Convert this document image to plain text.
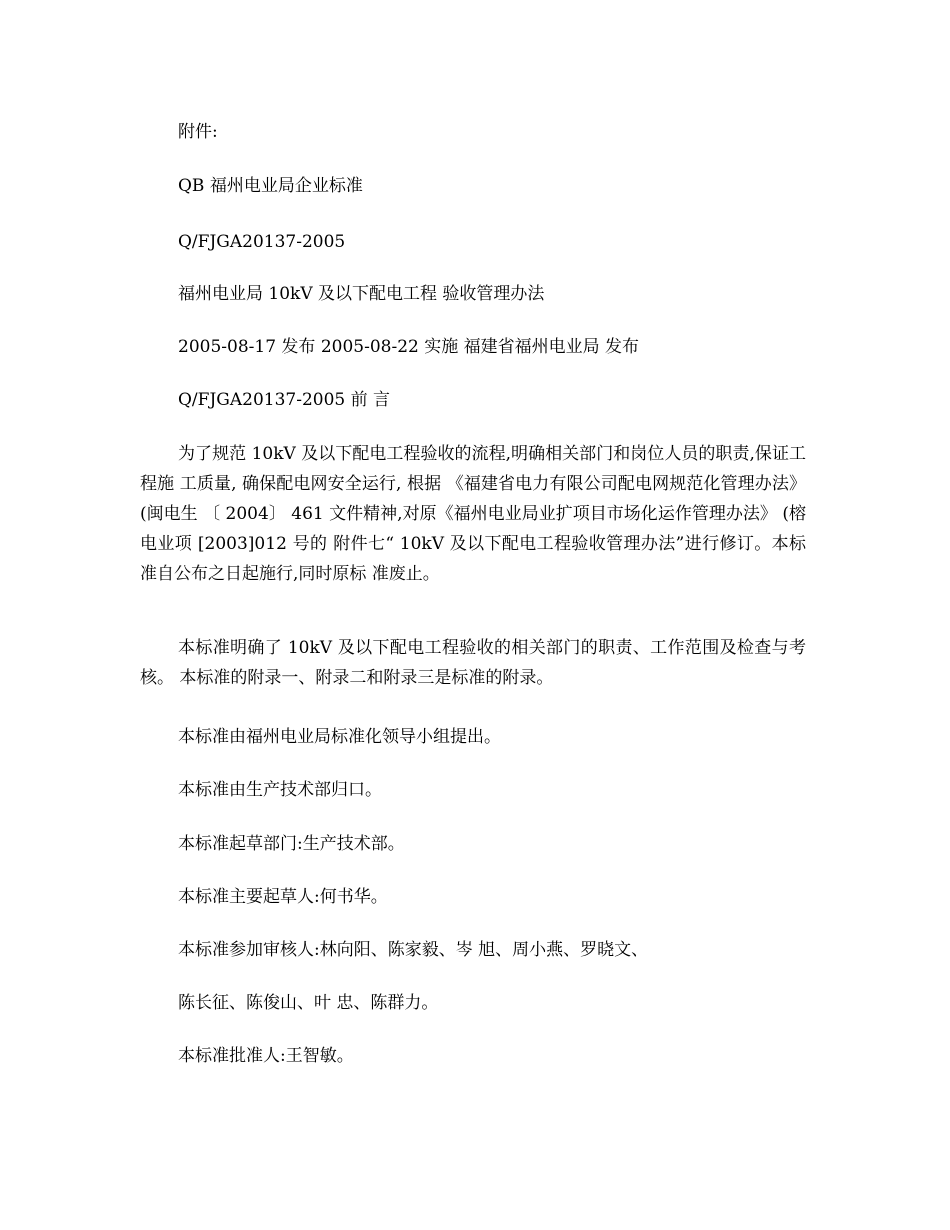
附件:
QB 福州电业局企业标准
Q/FJGA20137-2005
福州电业局 10kV 及以下配电工程 验收管理办法
2005-08-17 发布 2005-08-22 实施 福建省福州电业局 发布
Q/FJGA20137-2005 前 言

为了规范 10kV 及以下配电工程验收的流程,明确相关部门和岗位人员的职责,保证工程施 工质量, 确保配电网安全运行, 根据 《福建省电力有限公司配电网规范化管理办法》 (闽电生 〔 2004〕 461 文件精神,对原《福州电业局业扩项目市场化运作管理办法》 (榕电业项 [2003]012 号的 附件七“ 10kV 及以下配电工程验收管理办法”进行修订。本标准自公布之日起施行,同时原标 准废止。

本标准明确了 10kV 及以下配电工程验收的相关部门的职责、工作范围及检查与考核。 本标准的附录一、附录二和附录三是标准的附录。

本标准由福州电业局标准化领导小组提出。
本标准由生产技术部归口。
本标准起草部门:生产技术部。
本标准主要起草人:何书华。
本标准参加审核人:林向阳、陈家毅、岑 旭、周小燕、罗晓文、
陈长征、陈俊山、叶 忠、陈群力。
本标准批准人:王智敏。
